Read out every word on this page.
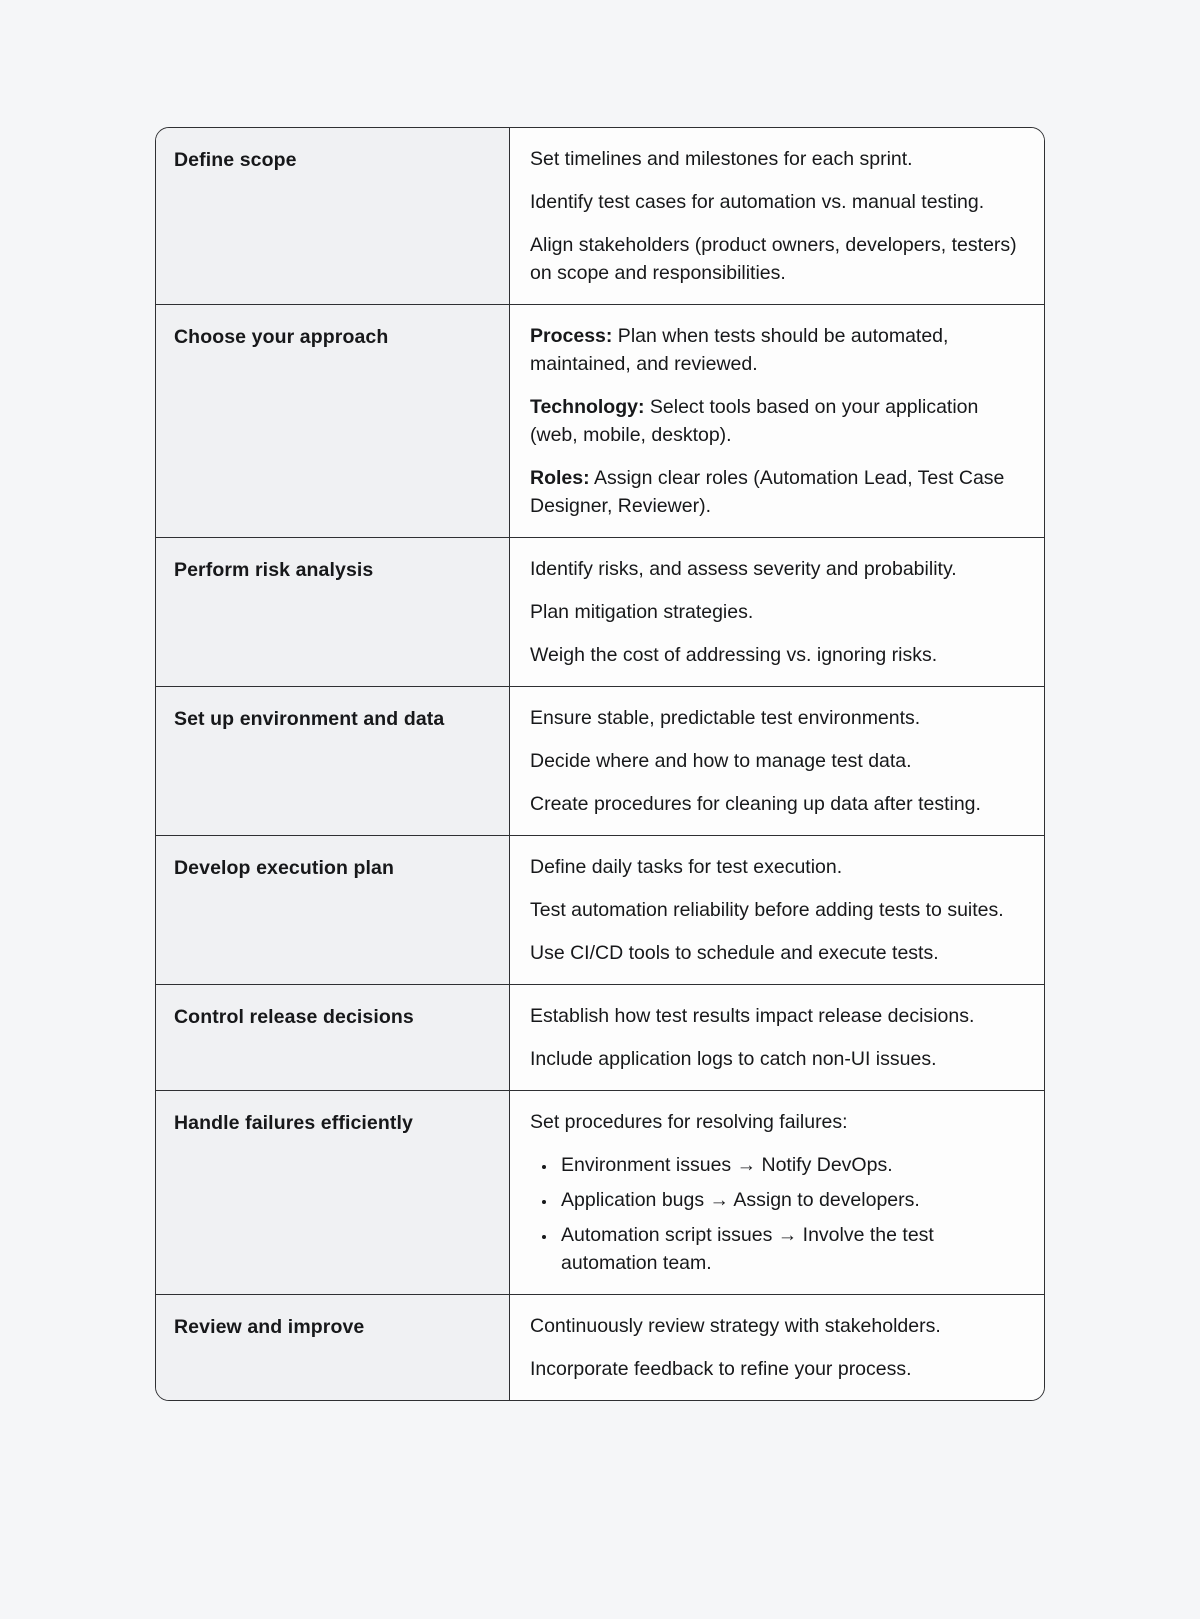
Define scope	Set timelines and milestones for each sprint.

Identify test cases for automation vs. manual testing.

Align stakeholders (product owners, developers, testers) on scope and responsibilities.

Choose your approach	Process: Plan when tests should be automated, maintained, and reviewed.

Technology: Select tools based on your application (web, mobile, desktop).

Roles: Assign clear roles (Automation Lead, Test Case Designer, Reviewer).

Perform risk analysis	Identify risks, and assess severity and probability.

Plan mitigation strategies.

Weigh the cost of addressing vs. ignoring risks.

Set up environment and data	Ensure stable, predictable test environments.

Decide where and how to manage test data.

Create procedures for cleaning up data after testing.

Develop execution plan	Define daily tasks for test execution.

Test automation reliability before adding tests to suites.

Use CI/CD tools to schedule and execute tests.

Control release decisions	Establish how test results impact release decisions.

Include application logs to catch non-UI issues.

Handle failures efficiently	Set procedures for resolving failures:

• Environment issues → Notify DevOps.
• Application bugs → Assign to developers.
• Automation script issues → Involve the test automation team.
Review and improve	Continuously review strategy with stakeholders.

Incorporate feedback to refine your process.
